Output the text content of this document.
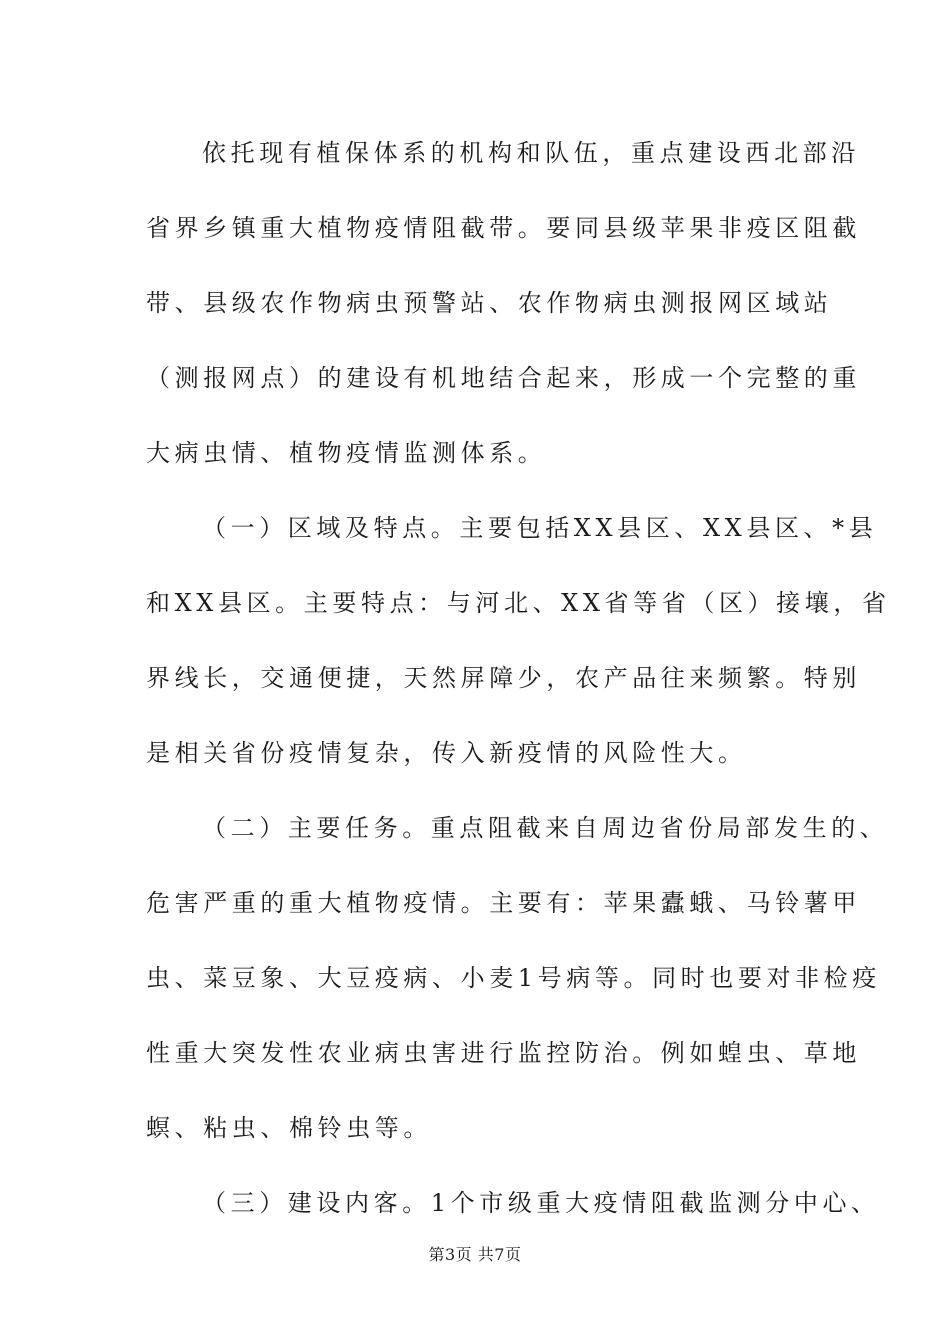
依托现有植保体系的机构和队伍，重点建设西北部沿
省界乡镇重大植物疫情阻截带。要同县级苹果非疫区阻截
带、县级农作物病虫预警站、农作物病虫测报网区域站
（测报网点）的建设有机地结合起来，形成一个完整的重
大病虫情、植物疫情监测体系。
（一）区域及特点。主要包括XX县区、XX县区、*县
和XX县区。主要特点：与河北、XX省等省（区）接壤，省
界线长，交通便捷，天然屏障少，农产品往来频繁。特别
是相关省份疫情复杂，传入新疫情的风险性大。
（二）主要任务。重点阻截来自周边省份局部发生的、
危害严重的重大植物疫情。主要有：苹果蠹蛾、马铃薯甲
虫、菜豆象、大豆疫病、小麦1号病等。同时也要对非检疫
性重大突发性农业病虫害进行监控防治。例如蝗虫、草地
螟、粘虫、棉铃虫等。
（三）建设内客。1个市级重大疫情阻截监测分中心、
第3页 共7页
